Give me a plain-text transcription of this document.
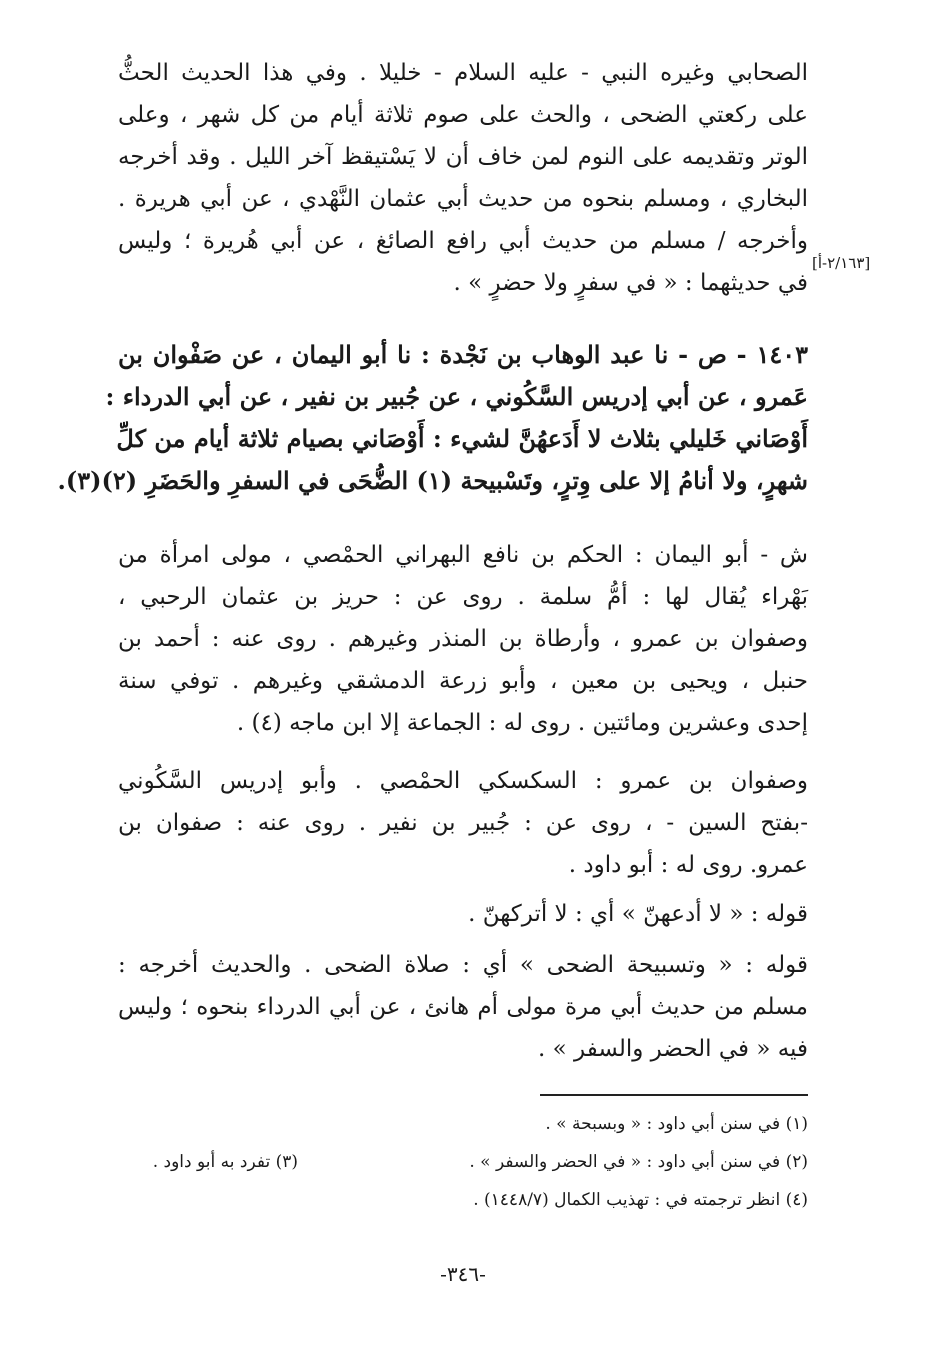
الصحابي وغيره النبي - عليه السلام - خليلا . وفي هذا الحديث الحثُّ
على ركعتي الضحى ، والحث على صوم ثلاثة أيام من كل شهر ، وعلى
الوتر وتقديمه على النوم لمن خاف أن لا يَسْتيقظ آخر الليل . وقد أخرجه
البخاري ، ومسلم بنحوه من حديث أبي عثمان النَّهْدي ، عن أبي هريرة .
وأخرجه / مسلم من حديث أبي رافع الصائغ ، عن أبي هُريرة ؛ وليس
في حديثهما : « في سفرٍ ولا حضرٍ » .
[٢/١٦٣-أ]
١٤٠٣ - ص - نا عبد الوهاب بن نَجْدة : نا أبو اليمان ، عن صَفْوان بن
عَمرو ، عن أبي إدريس السَّكُوني ، عن جُبير بن نفير ، عن أبي الدرداء :
أَوْصَاني خَليلي بثلاث لا أَدَعهُنَّ لشيء : أَوْصَاني بصيام ثلاثة أيام من كلِّ
شهرٍ، ولا أنامُ إلا على وِترٍ، وتَسْبيحة (١) الضُّحَى في السفرِ والحَضَرِ (٢)(٣).
ش - أبو اليمان : الحكم بن نافع البهراني الحمْصي ، مولى امرأة من
بَهْراء يُقال لها : أمُّ سلمة . روى عن : حريز بن عثمان الرحبي ،
وصفوان بن عمرو ، وأرطاة بن المنذر وغيرهم . روى عنه : أحمد بن
حنبل ، ويحيى بن معين ، وأبو زرعة الدمشقي وغيرهم . توفي سنة
إحدى وعشرين ومائتين . روى له : الجماعة إلا ابن ماجه (٤) .
وصفوان بن عمرو : السكسكي الحمْصي . وأبو إدريس السَّكُوني
-بفتح السين - ، روى عن : جُبير بن نفير . روى عنه : صفوان بن
عمرو. روى له : أبو داود .
قوله : « لا أدعهنّ » أي : لا أتركهنّ .
قوله : « وتسبيحة الضحى » أي : صلاة الضحى . والحديث أخرجه :
مسلم من حديث أبي مرة مولى أم هانئ ، عن أبي الدرداء بنحوه ؛ وليس
فيه « في الحضر والسفر » .
(١) في سنن أبي داود : « وبسبحة » .
(٢) في سنن أبي داود : « في الحضر والسفر » .
(٣) تفرد به أبو داود .
(٤) انظر ترجمته في : تهذيب الكمال (١٤٤٨/٧) .
-٣٤٦-
